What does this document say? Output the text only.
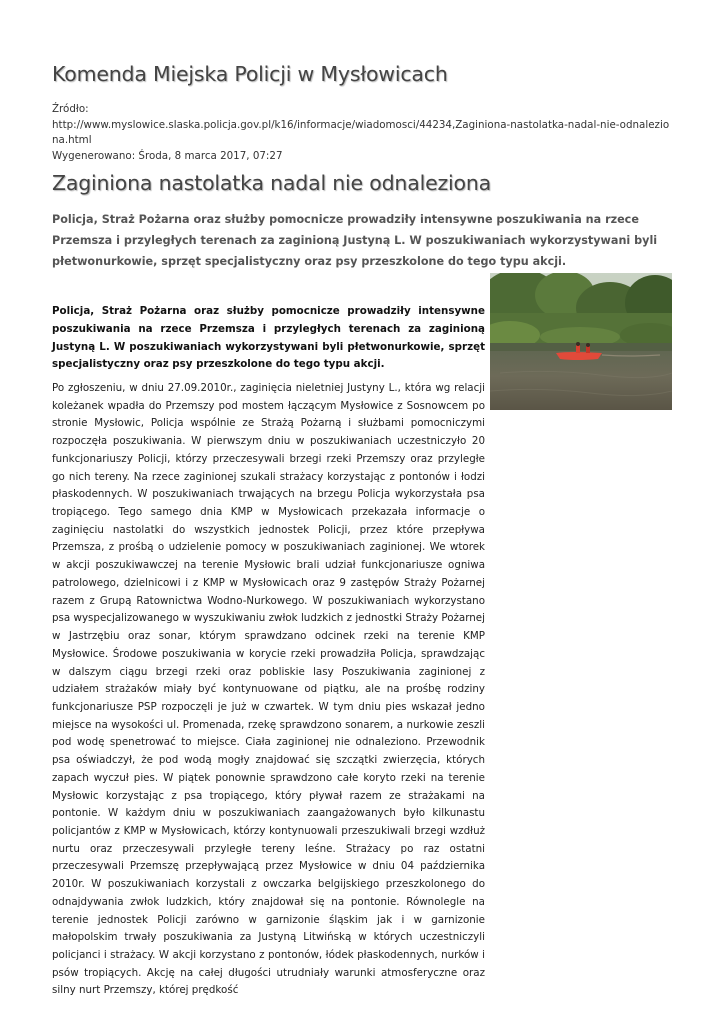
Komenda Miejska Policji w Mysłowicach
Źródło:
http://www.myslowice.slaska.policja.gov.pl/k16/informacje/wiadomosci/44234,Zaginiona-nastolatka-nadal-nie-odnaleziona.html
Wygenerowano: Środa, 8 marca 2017, 07:27
Zaginiona nastolatka nadal nie odnaleziona

Policja, Straż Pożarna oraz służby pomocnicze prowadziły intensywne poszukiwania na rzece Przemsza i przyległych terenach za zaginioną Justyną L. W poszukiwaniach wykorzystywani byli płetwonurkowie, sprzęt specjalistyczny oraz psy przeszkolone do tego typu akcji.

Policja, Straż Pożarna oraz służby pomocnicze prowadziły intensywne poszukiwania na rzece Przemsza i przyległych terenach za zaginioną Justyną L. W poszukiwaniach wykorzystywani byli płetwonurkowie, sprzęt specjalistyczny oraz psy przeszkolone do tego typu akcji.

Po zgłoszeniu, w dniu 27.09.2010r., zaginięcia nieletniej Justyny L., która wg relacji koleżanek wpadła do Przemszy pod mostem łączącym Mysłowice z Sosnowcem po stronie Mysłowic, Policja wspólnie ze Strażą Pożarną i służbami pomocniczymi rozpoczęła poszukiwania. W pierwszym dniu w poszukiwaniach uczestniczyło 20 funkcjonariuszy Policji, którzy przeczesywali brzegi rzeki Przemszy oraz przyległe go nich tereny. Na rzece zaginionej szukali strażacy korzystając z pontonów i łodzi płaskodennych. W poszukiwaniach trwających na brzegu Policja wykorzystała psa tropiącego. Tego samego dnia KMP w Mysłowicach przekazała informacje o zaginięciu nastolatki do wszystkich jednostek Policji, przez które przepływa Przemsza, z prośbą o udzielenie pomocy w poszukiwaniach zaginionej. We wtorek w akcji poszukiwawczej na terenie Mysłowic brali udział funkcjonariusze ogniwa patrolowego, dzielnicowi i z KMP w Mysłowicach oraz 9 zastępów Straży Pożarnej razem z Grupą Ratownictwa Wodno-Nurkowego. W poszukiwaniach wykorzystano psa wyspecjalizowanego w wyszukiwaniu zwłok ludzkich z jednostki Straży Pożarnej w Jastrzębiu oraz sonar, którym sprawdzano odcinek rzeki na terenie KMP Mysłowice. Środowe poszukiwania w korycie rzeki prowadziła Policja, sprawdzając w dalszym ciągu brzegi rzeki oraz pobliskie lasy Poszukiwania zaginionej z udziałem strażaków miały być kontynuowane od piątku, ale na prośbę rodziny funkcjonariusze PSP rozpoczęli je już w czwartek. W tym dniu pies wskazał jedno miejsce na wysokości ul. Promenada, rzekę sprawdzono sonarem, a nurkowie zeszli pod wodę spenetrować to miejsce. Ciała zaginionej nie odnaleziono. Przewodnik psa oświadczył, że pod wodą mogły znajdować się szczątki zwierzęcia, których zapach wyczuł pies. W piątek ponownie sprawdzono całe koryto rzeki na terenie Mysłowic korzystając z psa tropiącego, który pływał razem ze strażakami na pontonie. W każdym dniu w poszukiwaniach zaangażowanych było kilkunastu policjantów z KMP w Mysłowicach, którzy kontynuowali przeszukiwali brzegi wzdłuż nurtu oraz przeczesywali przyległe tereny leśne. Strażacy po raz ostatni przeczesywali Przemszę przepływającą przez Mysłowice w dniu 04 października 2010r. W poszukiwaniach korzystali z owczarka belgijskiego przeszkolonego do odnajdywania zwłok ludzkich, który znajdował się na pontonie. Równolegle na terenie jednostek Policji zarówno w garnizonie śląskim jak i w garnizonie małopolskim trwały poszukiwania za Justyną Litwińską w których uczestniczyli policjanci i strażacy. W akcji korzystano z pontonów, łódek płaskodennych, nurków i psów tropiących. Akcję na całej długości utrudniały warunki atmosferyczne oraz silny nurt Przemszy, której prędkość
